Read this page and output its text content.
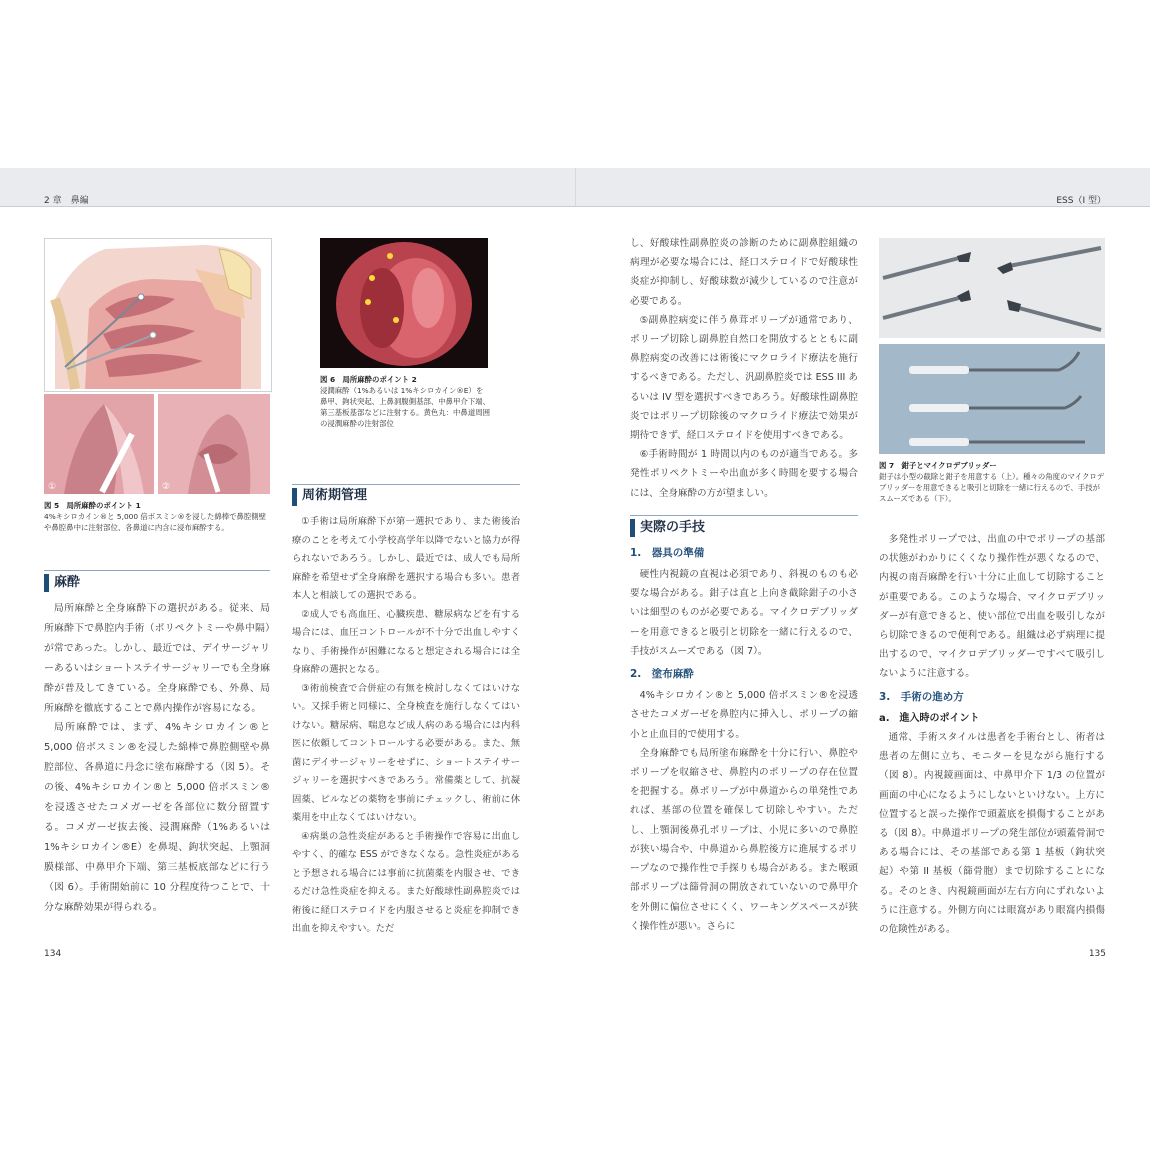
2 章　鼻編	ESS（I 型）
①	②
図 5　局所麻酔のポイント 1
4%キシロカイン®と 5,000 倍ボスミン®を浸した綿棒で鼻腔側壁や鼻腔鼻中に注射部位、各鼻道に内含に浸布麻酔する。
図 6　局所麻酔のポイント 2
浸潤麻酔（1%あるいは 1%キシロカイン®E）を鼻甲、鉤状突起、上鼻洞腹側基部、中鼻甲介下端、第三基板基部などに注射する。黄色丸：中鼻道周囲の浸潤麻酔の注射部位
麻酔

局所麻酔と全身麻酔下の選択がある。従来、局所麻酔下で鼻腔内手術（ポリペクトミーや鼻中隔）が常であった。しかし、最近では、デイサージャリーあるいはショートステイサージャリーでも全身麻酔が普及してきている。全身麻酔でも、外鼻、局所麻酔を徹底することで鼻内操作が容易になる。

局所麻酔では、まず、4%キシロカイン®と 5,000 倍ボスミン®を浸した綿棒で鼻腔側壁や鼻腔部位、各鼻道に丹念に塗布麻酔する（図 5）。その後、4%キシロカイン®と 5,000 倍ボスミン®を浸透させたコメガーゼを各部位に数分留置する。コメガーゼ抜去後、浸潤麻酔（1%あるいは 1%キシロカイン®E）を鼻堤、鉤状突起、上顎洞膜様部、中鼻甲介下端、第三基板底部などに行う（図 6）。手術開始前に 10 分程度待つことで、十分な麻酔効果が得られる。

周術期管理

①手術は局所麻酔下が第一選択であり、また術後治療のことを考えて小学校高学年以降でないと協力が得られないであろう。しかし、最近では、成人でも局所麻酔を希望せず全身麻酔を選択する場合も多い。患者本人と相談しての選択である。

②成人でも高血圧、心臓疾患、糖尿病などを有する場合には、血圧コントロールが不十分で出血しやすくなり、手術操作が困難になると想定される場合には全身麻酔の選択となる。

③術前検査で合併症の有無を検討しなくてはいけない。又採手術と同様に、全身検査を施行しなくてはいけない。糖尿病、喘息など成人病のある場合には内科医に依頼してコントロールする必要がある。また、無菌にデイサージャリーをせずに、ショートステイサージャリーを選択すべきであろう。常備薬として、抗凝固薬、ピルなどの薬物を事前にチェックし、術前に休薬用を中止なくてはいけない。

④病巣の急性炎症があると手術操作で容易に出血しやすく、的確な ESS ができなくなる。急性炎症があると予想される場合には事前に抗菌薬を内服させ、できるだけ急性炎症を抑える。また好酸球性副鼻腔炎では術後に経口ステロイドを内服させると炎症を抑制でき出血を抑えやすい。ただ

134

し、好酸球性副鼻腔炎の診断のために副鼻腔組織の病理が必要な場合には、経口ステロイドで好酸球性炎症が抑制し、好酸球数が減少しているので注意が必要である。

⑤副鼻腔病変に伴う鼻茸ポリープが通常であり、ポリープ切除し副鼻腔自然口を開放するとともに副鼻腔病変の改善には術後にマクロライド療法を施行するべきである。ただし、汎副鼻腔炎では ESS III あるいは IV 型を選択すべきであろう。好酸球性副鼻腔炎ではポリープ切除後のマクロライド療法で効果が期待できず、経口ステロイドを使用すべきである。

⑥手術時間が 1 時間以内のものが適当である。多発性ポリペクトミーや出血が多く時間を要する場合には、全身麻酔の方が望ましい。

実際の手技
1.　器具の準備

硬性内視鏡の直視は必須であり、斜視のものも必要な場合がある。鉗子は直と上向き截除鉗子の小さいは細型のものが必要である。マイクロデブリッダーを用意できると吸引と切除を一緒に行えるので、手技がスムーズである（図 7）。

2.　塗布麻酔

4%キシロカイン®と 5,000 倍ボスミン®を浸透させたコメガーゼを鼻腔内に挿入し、ポリープの縮小と止血目的で使用する。

全身麻酔でも局所塗布麻酔を十分に行い、鼻腔やポリープを収縮させ、鼻腔内のポリープの存在位置を把握する。鼻ポリープが中鼻道からの単発性であれば、基部の位置を確保して切除しやすい。ただし、上顎洞後鼻孔ポリープは、小児に多いので鼻腔が狭い場合や、中鼻道から鼻腔後方に進展するポリープなので操作性で手探りも場合がある。また喉頭部ポリープは篩骨洞の開放されていないので鼻甲介を外側に偏位させにくく、ワーキングスペースが狭く操作性が悪い。さらに

図 7　鉗子とマイクロデブリッダー
鉗子は小型の截除と鉗子を用意する（上）。種々の角度のマイクロデブリッダーを用意できると吸引と切除を一緒に行えるので、手技がスムーズである（下）。

多発性ポリープでは、出血の中でポリープの基部の状態がわかりにくくなり操作性が悪くなるので、内視の南吾麻酔を行い十分に止血して切除することが重要である。このような場合、マイクロデブリッダーが有意できると、使い部位で出血を吸引しながら切除できるので便利である。組織は必ず病理に提出するので、マイクロデブリッダーですべて吸引しないように注意する。

3.　手術の進め方
a.　進入時のポイント

通常、手術スタイルは患者を手術台とし、術者は患者の左側に立ち、モニターを見ながら施行する（図 8）。内視鏡画面は、中鼻甲介下 1/3 の位置が画面の中心になるようにしないといけない。上方に位置すると誤った操作で頭蓋底を損傷することがある（図 8）。中鼻道ポリープの発生部位が頭蓋骨洞である場合には、その基部である第 1 基板（鉤状突起）や第 II 基板（篩骨胞）まで切除することになる。そのとき、内視鏡画面が左右方向にずれないように注意する。外側方向には眼窩があり眼窩内損傷の危険性がある。

135
